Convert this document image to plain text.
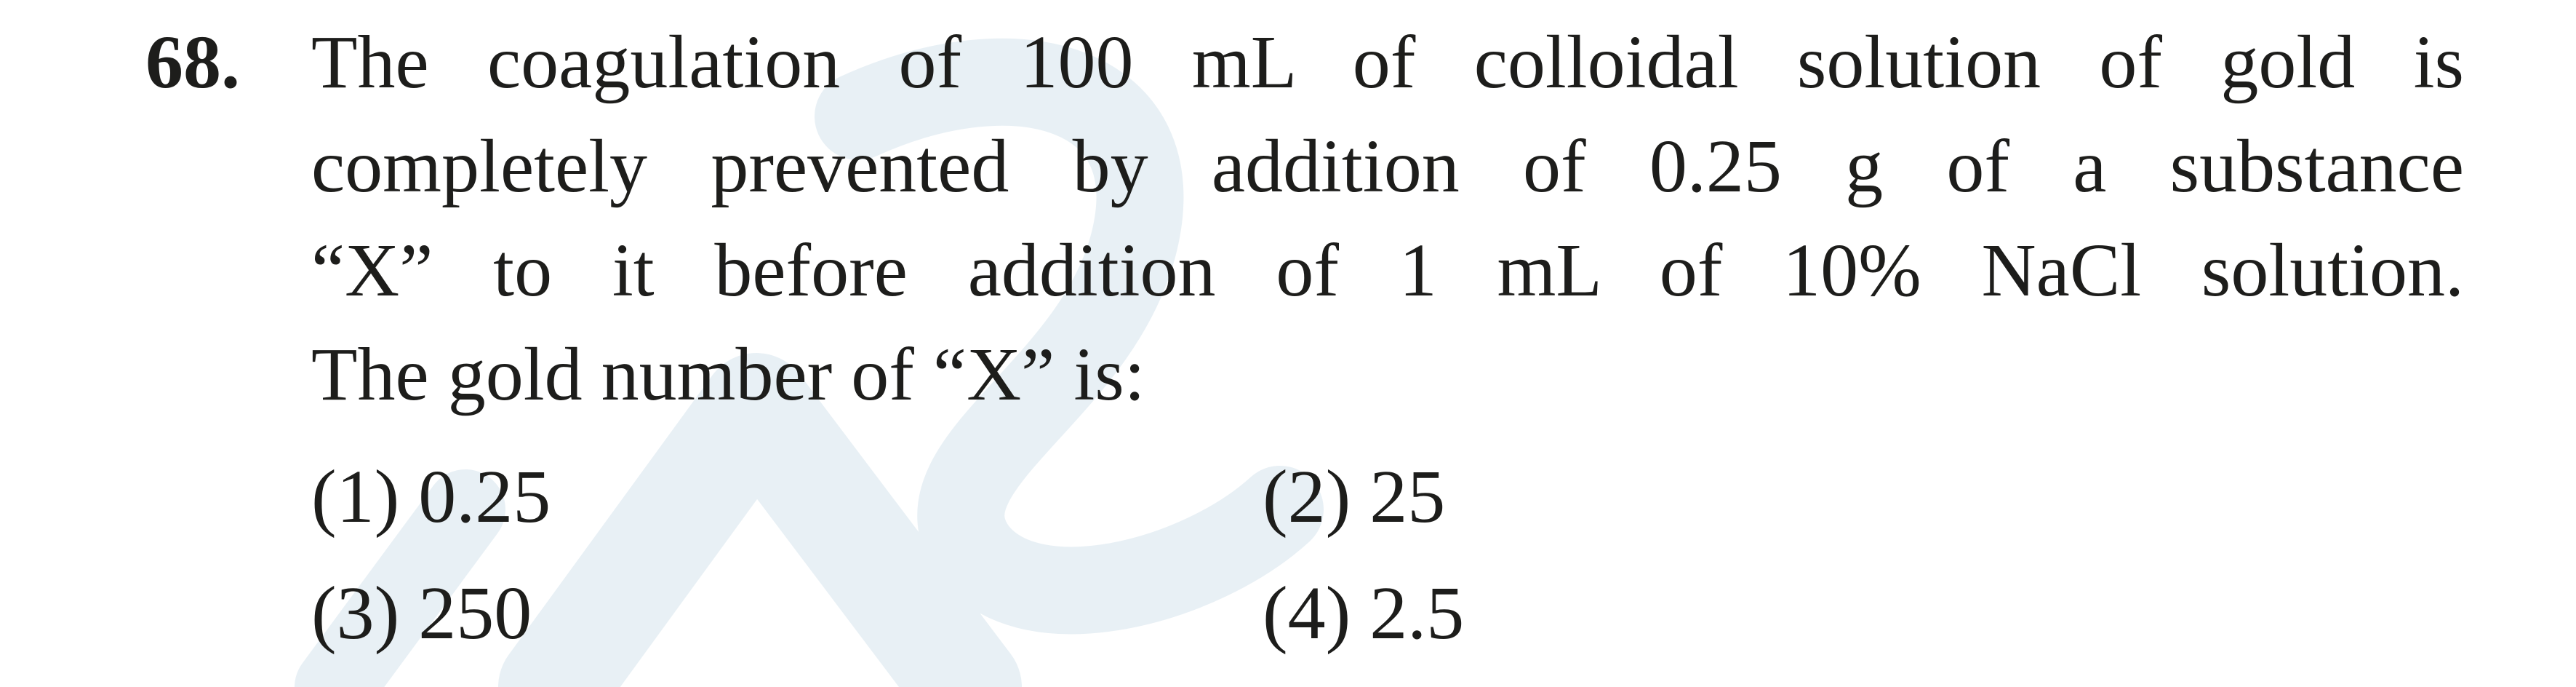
68. The coagulation of 100 mL of colloidal solution of gold is
completely prevented by addition of 0.25 g of a substance
“X” to it before addition of 1 mL of 10% NaCl solution.
The gold number of “X” is:
(1) 0.25	(2) 25
(3) 250	(4) 2.5
